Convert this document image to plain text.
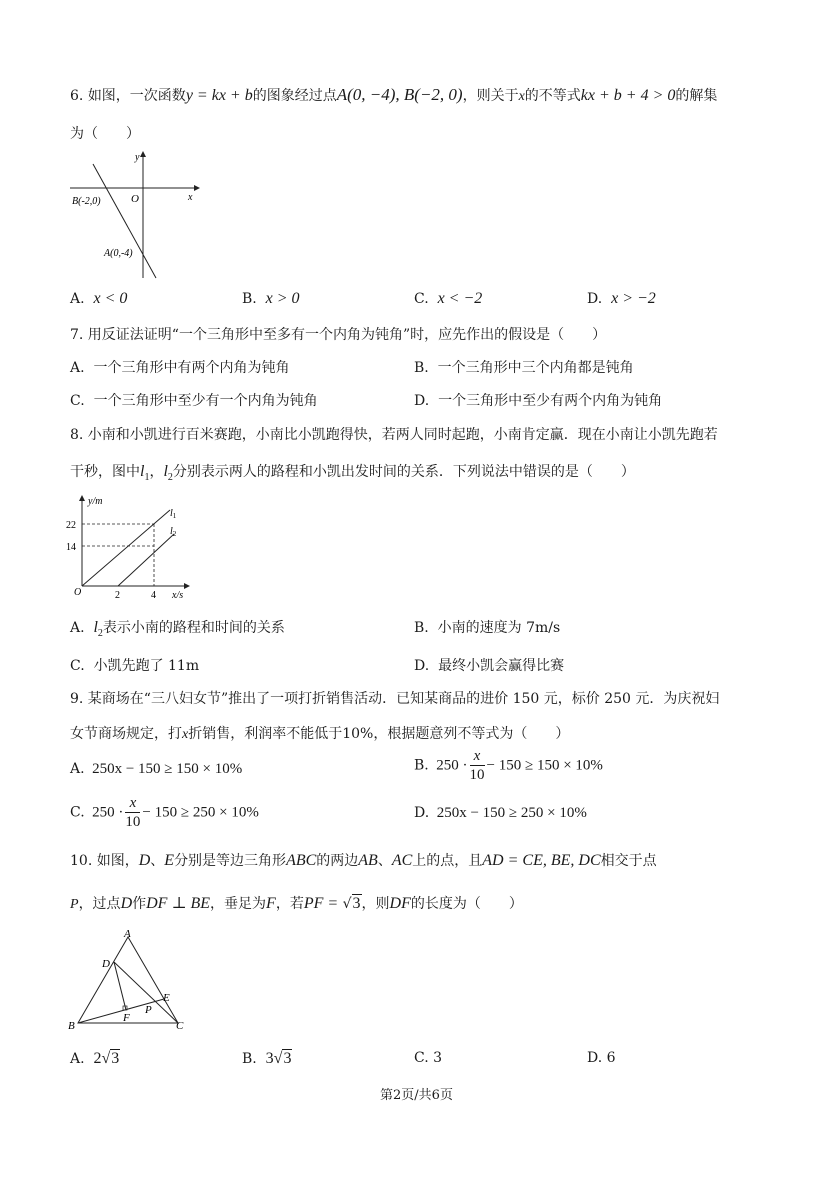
6. 如图，一次函数y = kx + b的图象经过点A(0, −4), B(−2, 0)，则关于x的不等式kx + b + 4 > 0的解集
为（　　）
y
x
O
B(-2,0)
A(0,-4)
A. x < 0	B. x > 0	C. x < −2	D. x > −2
7. 用反证法证明“一个三角形中至多有一个内角为钝角”时，应先作出的假设是（　　）
A. 一个三角形中有两个内角为钝角	B. 一个三角形中三个内角都是钝角
C. 一个三角形中至少有一个内角为钝角	D. 一个三角形中至少有两个内角为钝角
8. 小南和小凯进行百米赛跑，小南比小凯跑得快，若两人同时起跑，小南肯定赢．现在小南让小凯先跑若
干秒，图中$l_1$，$l_2$分别表示两人的路程和小凯出发时间的关系．下列说法中错误的是（　　）
y/m
x/s
O
22
14
2	4
$l_1$
$l_2$
A. $l_2$表示小南的路程和时间的关系	B. 小南的速度为 7m/s
C. 小凯先跑了 11m	D. 最终小凯会赢得比赛
9. 某商场在“三八妇女节”推出了一项打折销售活动．已知某商品的进价 150 元，标价 250 元．为庆祝妇
女节商场规定，打x折销售，利润率不能低于10%，根据题意列不等式为（　　）
A. 250x − 150 ≥ 150 × 10%	B. $250 \cdot \frac{x}{10} - 150 \ge 150 \times 10\%$
C. $250 \cdot \frac{x}{10} - 150 \ge 250 \times 10\%$	D. 250x − 150 ≥ 250 × 10%
10. 如图，D、E分别是等边三角形ABC的两边AB、AC上的点，且AD = CE, BE, DC相交于点
P，过点D作DF ⊥ BE，垂足为F，若PF = √3，则DF的长度为（　　）
A
B	C
D
E
F
P
A. 2√3	B. 3√3	C. 3	D. 6
第2页/共6页
